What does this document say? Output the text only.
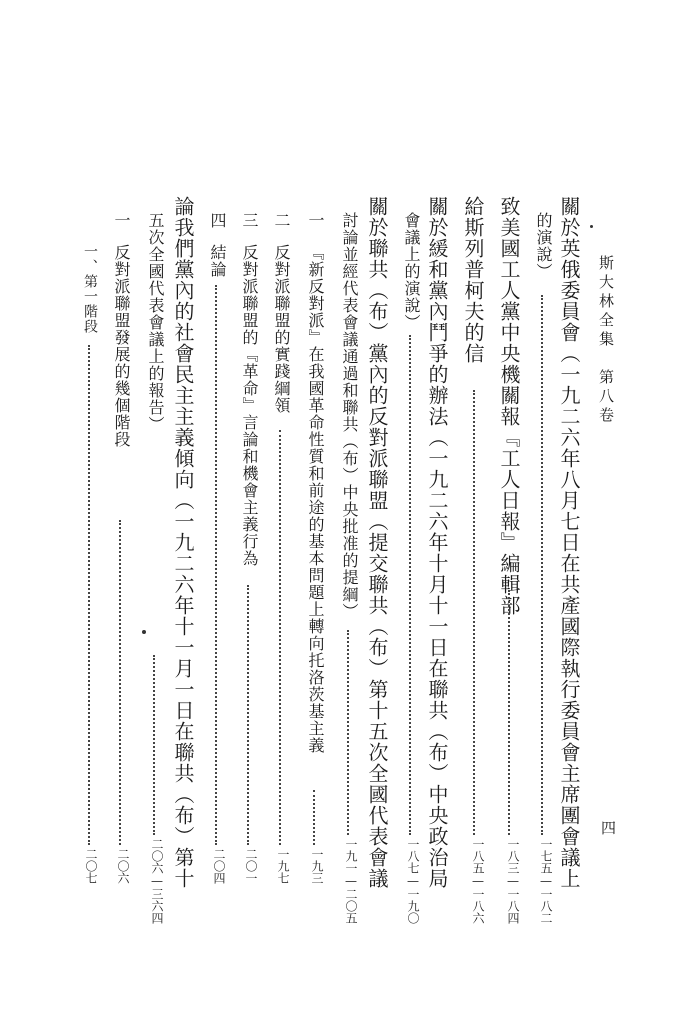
斯大林全集　第八卷
四
關於英俄委員會（一九二六年八月七日在共產國際執行委員會主席團會議上
的演說）
一七五—一八二
致美國工人黨中央機關報『工人日報』編輯部
一八三—一八四
給斯列普柯夫的信
一八五—一八六
關於緩和黨內鬥爭的辦法（一九二六年十月十一日在聯共（布）中央政治局
會議上的演說）
一八七—一九〇
關於聯共（布）黨內的反對派聯盟（提交聯共（布）第十五次全國代表會議
討論並經代表會議通過和聯共（布）中央批准的提綱）
一九一—二〇五
一
『新反對派』在我國革命性質和前途的基本問題上轉向托洛茨基主義
一九三
二
反對派聯盟的實踐綱領
一九七
三
反對派聯盟的『革命』言論和機會主義行為
二〇一
四
結論
二〇四
論我們黨內的社會民主主義傾向（一九二六年十一月一日在聯共（布）第十
五次全國代表會議上的報告）
二〇六—三六四
一
反對派聯盟發展的幾個階段
二〇六
一、第一階段
二〇七
